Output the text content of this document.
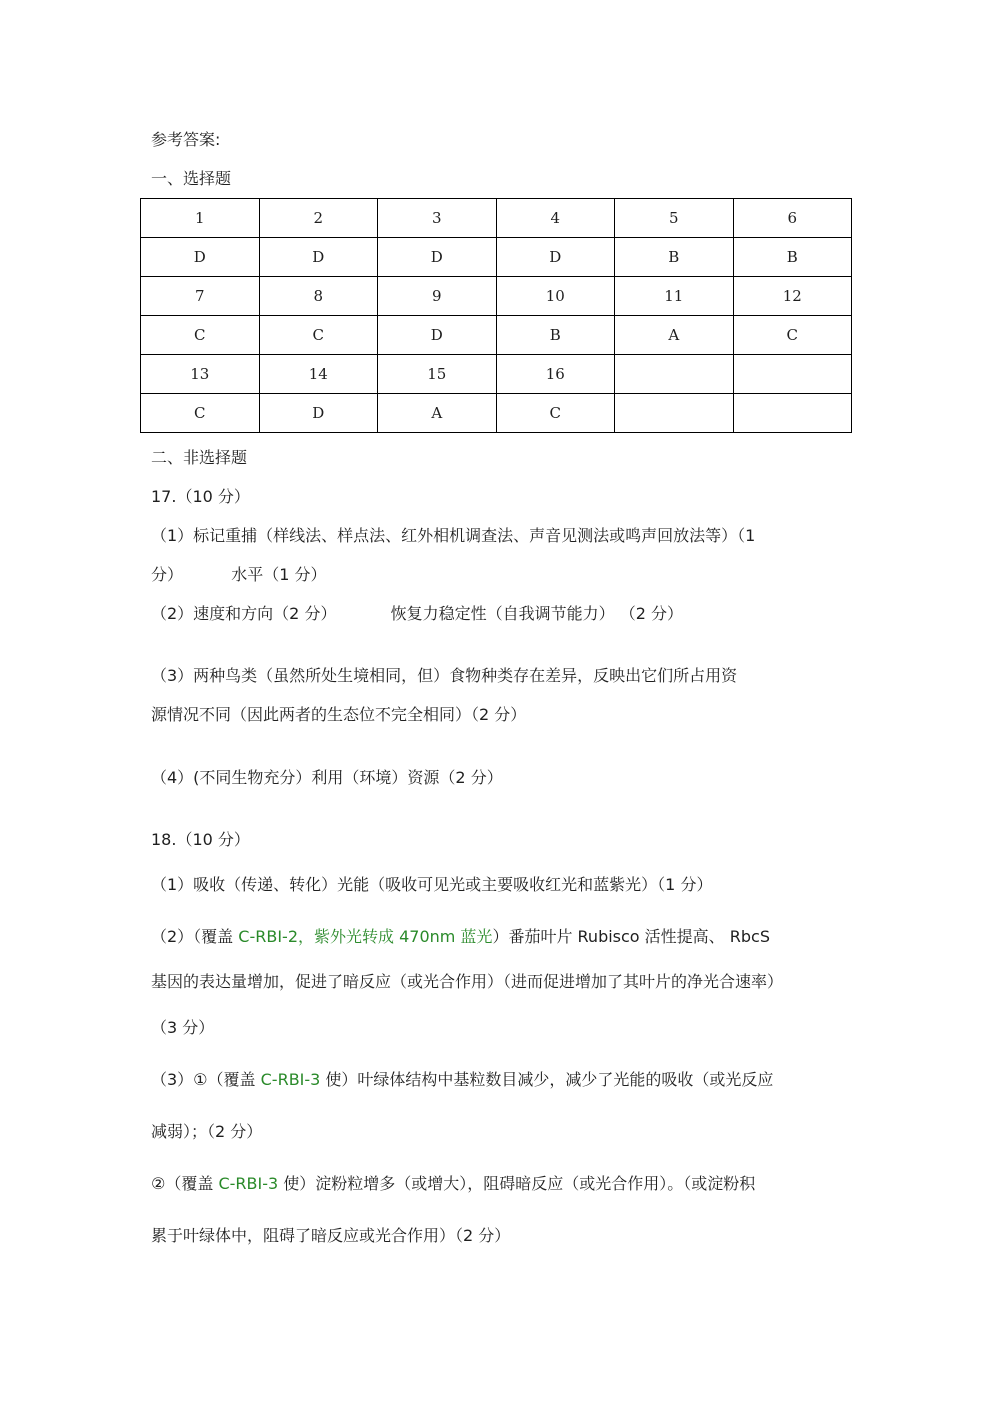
参考答案:
一、选择题
1	2	3	4	5	6
D	D	D	D	B	B
7	8	9	10	11	12
C	C	D	B	A	C
13	14	15	16		
C	D	A	C		
二、非选择题
17.（10 分）
（1）标记重捕（样线法、样点法、红外相机调查法、声音见测法或鸣声回放法等）（1
分）	水平（1 分）
（2）速度和方向（2 分）	恢复力稳定性（自我调节能力） （2 分）
（3）两种鸟类（虽然所处生境相同，但）食物种类存在差异，反映出它们所占用资
源情况不同（因此两者的生态位不完全相同）（2 分）
（4）(不同生物充分）利用（环境）资源（2 分）
18.（10 分）
（1）吸收（传递、转化）光能（吸收可见光或主要吸收红光和蓝紫光）（1 分）
（2）（覆盖 C-RBI-2，紫外光转成 470nm 蓝光）番茄叶片 Rubisco 活性提高、 RbcS
基因的表达量增加，促进了暗反应（或光合作用）（进而促进增加了其叶片的净光合速率）
（3 分）
（3）①（覆盖 C-RBI-3 使）叶绿体结构中基粒数目减少，减少了光能的吸收（或光反应
减弱）；（2 分）
②（覆盖 C-RBI-3 使）淀粉粒增多（或增大），阻碍暗反应（或光合作用）。（或淀粉积
累于叶绿体中，阻碍了暗反应或光合作用）（2 分）
